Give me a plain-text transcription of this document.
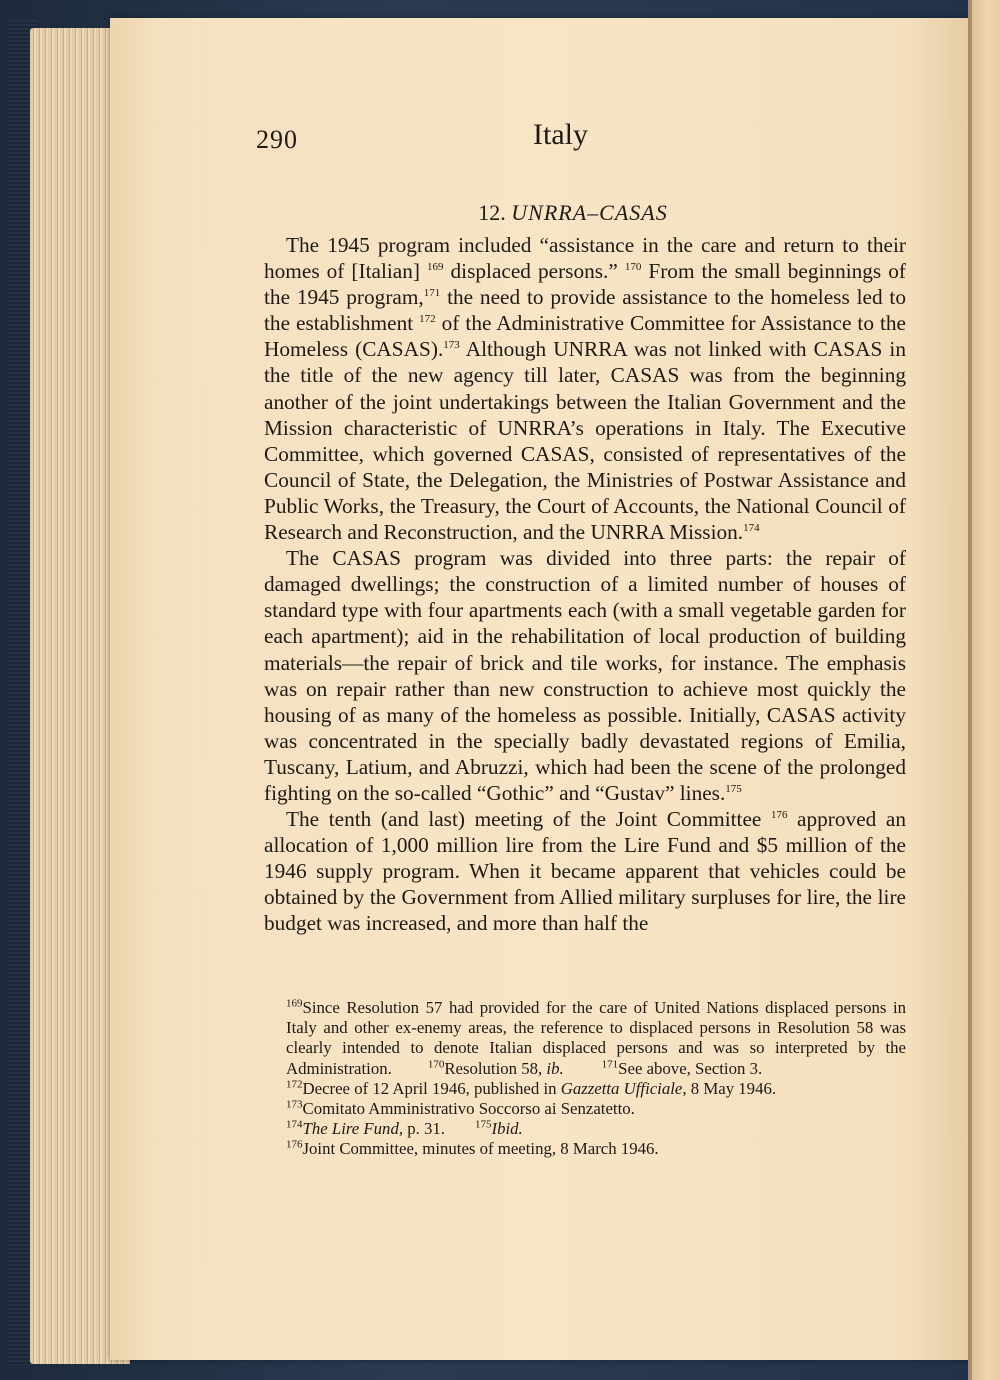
290	Italy
12. UNRRA–CASAS

The 1945 program included “assistance in the care and return to their homes of [Italian] $^{169}$ displaced persons.” $^{170}$ From the small beginnings of the 1945 program,$^{171}$ the need to provide assistance to the homeless led to the establishment $^{172}$ of the Administrative Committee for Assistance to the Homeless (CASAS).$^{173}$ Although UNRRA was not linked with CASAS in the title of the new agency till later, CASAS was from the beginning another of the joint undertakings between the Italian Government and the Mission characteristic of UNRRA’s operations in Italy. The Executive Committee, which governed CASAS, consisted of representatives of the Council of State, the Delegation, the Ministries of Postwar Assistance and Public Works, the Treasury, the Court of Accounts, the National Council of Research and Reconstruction, and the UNRRA Mission.$^{174}$

The CASAS program was divided into three parts: the repair of damaged dwellings; the construction of a limited number of houses of standard type with four apartments each (with a small vegetable garden for each apartment); aid in the rehabilitation of local production of building materials—the repair of brick and tile works, for instance. The emphasis was on repair rather than new construction to achieve most quickly the housing of as many of the homeless as possible. Initially, CASAS activity was concentrated in the specially badly devastated regions of Emilia, Tuscany, Latium, and Abruzzi, which had been the scene of the prolonged fighting on the so-called “Gothic” and “Gustav” lines.$^{175}$

The tenth (and last) meeting of the Joint Committee $^{176}$ approved an allocation of 1,000 million lire from the Lire Fund and $5 million of the 1946 supply program. When it became apparent that vehicles could be obtained by the Government from Allied military surpluses for lire, the lire budget was increased, and more than half the

$^{169}$Since Resolution 57 had provided for the care of United Nations displaced persons in Italy and other ex-enemy areas, the reference to displaced persons in Resolution 58 was clearly intended to denote Italian displaced persons and was so interpreted by the Administration.	$^{170}$Resolution 58, ib.	$^{171}$See above, Section 3.

$^{172}$Decree of 12 April 1946, published in Gazzetta Ufficiale, 8 May 1946.

$^{173}$Comitato Amministrativo Soccorso ai Senzatetto.

$^{174}$The Lire Fund, p. 31.	$^{175}$Ibid.

$^{176}$Joint Committee, minutes of meeting, 8 March 1946.
